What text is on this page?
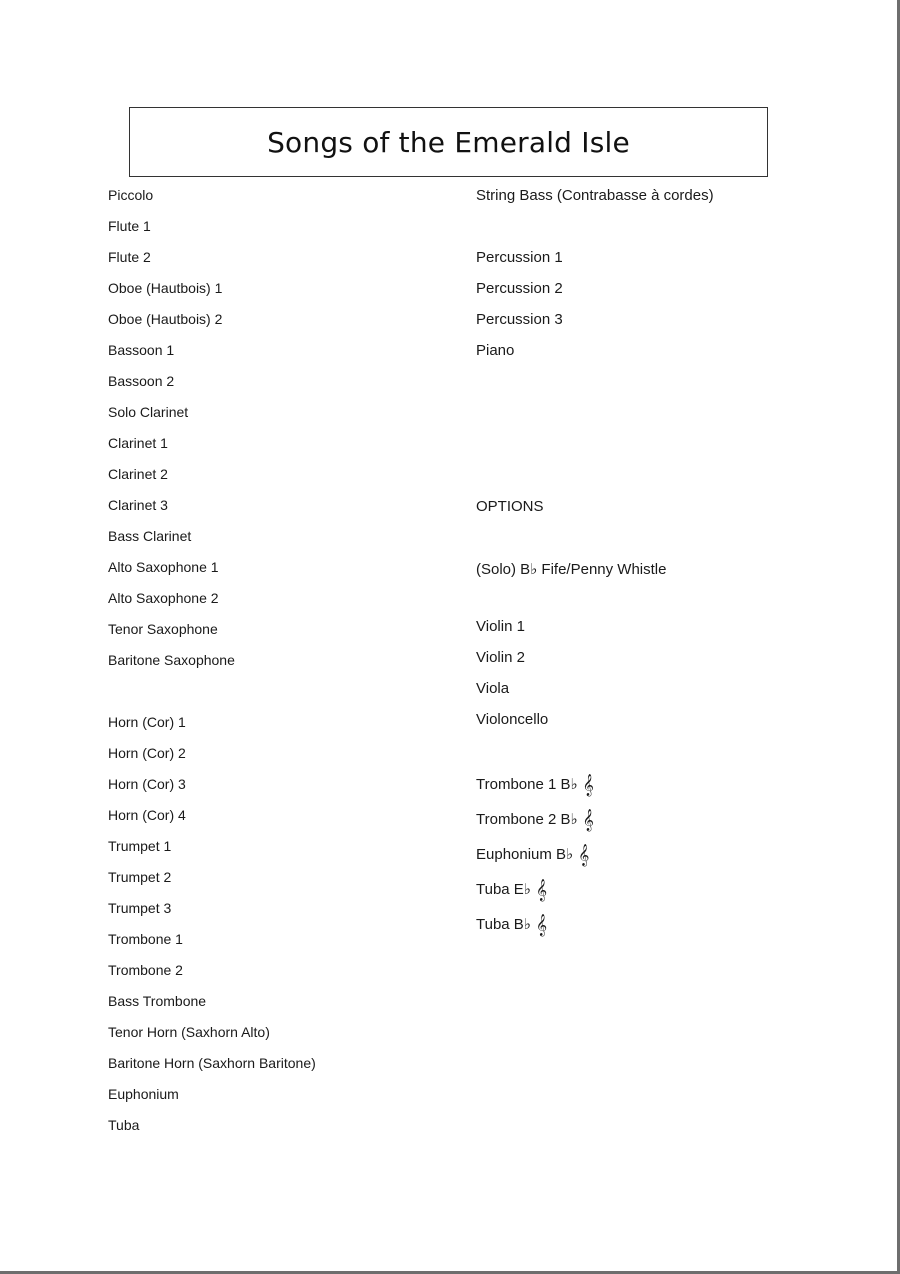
Songs of the Emerald Isle
Piccolo
Flute 1
Flute 2
Oboe (Hautbois) 1
Oboe (Hautbois) 2
Bassoon 1
Bassoon 2
Solo Clarinet
Clarinet 1
Clarinet 2
Clarinet 3
Bass Clarinet
Alto Saxophone 1
Alto Saxophone 2
Tenor Saxophone
Baritone Saxophone
Horn (Cor) 1
Horn (Cor) 2
Horn (Cor) 3
Horn (Cor) 4
Trumpet 1
Trumpet 2
Trumpet 3
Trombone 1
Trombone 2
Bass Trombone
Tenor Horn (Saxhorn Alto)
Baritone Horn (Saxhorn Baritone)
Euphonium
Tuba
String Bass (Contrabasse à cordes)
Percussion 1
Percussion 2
Percussion 3
Piano
OPTIONS
(Solo) B♭ Fife/Penny Whistle
Violin 1
Violin 2
Viola
Violoncello
Trombone 1 B♭ 𝄞
Trombone 2 B♭ 𝄞
Euphonium B♭ 𝄞
Tuba E♭ 𝄞
Tuba B♭ 𝄞
